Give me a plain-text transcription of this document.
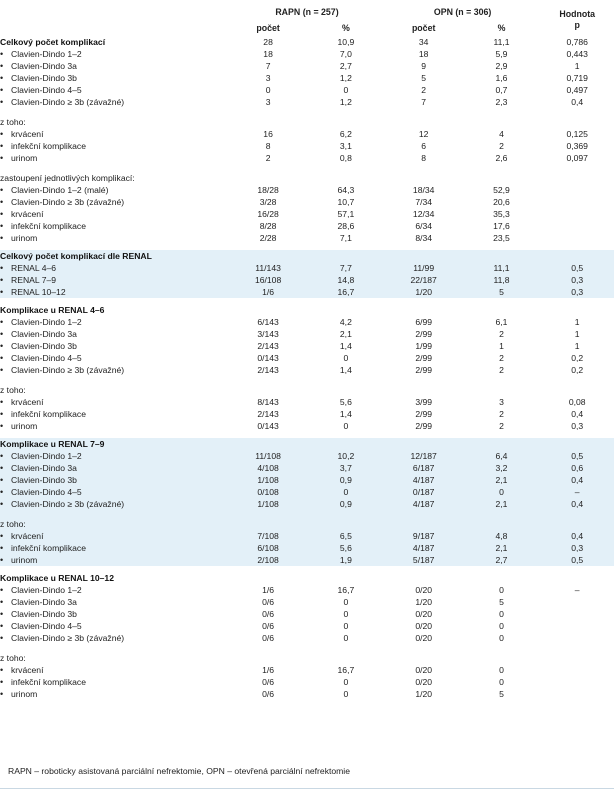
	RAPN (n = 257)		OPN (n = 306)		Hodnota
p
	počet	%	počet	%	
Celkový počet komplikací	28	10,9	34	11,1	0,786
• Clavien-Dindo 1–2	18	7,0	18	5,9	0,443
• Clavien-Dindo 3a	7	2,7	9	2,9	1
• Clavien-Dindo 3b	3	1,2	5	1,6	0,719
• Clavien-Dindo 4–5	0	0	2	0,7	0,497
• Clavien-Dindo ≥ 3b (závažné)	3	1,2	7	2,3	0,4

z toho:					
• krvácení	16	6,2	12	4	0,125
• infekční komplikace	8	3,1	6	2	0,369
• urinom	2	0,8	8	2,6	0,097

zastoupení jednotlivých komplikací:					
• Clavien-Dindo 1–2 (malé)	18/28	64,3	18/34	52,9	
• Clavien-Dindo ≥ 3b (závažné)	3/28	10,7	7/34	20,6	
• krvácení	16/28	57,1	12/34	35,3	
• infekční komplikace	8/28	28,6	6/34	17,6	
• urinom	2/28	7,1	8/34	23,5	

Celkový počet komplikací dle RENAL					
• RENAL 4–6	11/143	7,7	11/99	11,1	0,5
• RENAL 7–9	16/108	14,8	22/187	11,8	0,3
• RENAL 10–12	1/6	16,7	1/20	5	0,3

Komplikace u RENAL 4–6					
• Clavien-Dindo 1–2	6/143	4,2	6/99	6,1	1
• Clavien-Dindo 3a	3/143	2,1	2/99	2	1
• Clavien-Dindo 3b	2/143	1,4	1/99	1	1
• Clavien-Dindo 4–5	0/143	0	2/99	2	0,2
• Clavien-Dindo ≥ 3b (závažné)	2/143	1,4	2/99	2	0,2

z toho:					
• krvácení	8/143	5,6	3/99	3	0,08
• infekční komplikace	2/143	1,4	2/99	2	0,4
• urinom	0/143	0	2/99	2	0,3

Komplikace u RENAL 7–9					
• Clavien-Dindo 1–2	11/108	10,2	12/187	6,4	0,5
• Clavien-Dindo 3a	4/108	3,7	6/187	3,2	0,6
• Clavien-Dindo 3b	1/108	0,9	4/187	2,1	0,4
• Clavien-Dindo 4–5	0/108	0	0/187	0	–
• Clavien-Dindo ≥ 3b (závažné)	1/108	0,9	4/187	2,1	0,4

z toho:					
• krvácení	7/108	6,5	9/187	4,8	0,4
• infekční komplikace	6/108	5,6	4/187	2,1	0,3
• urinom	2/108	1,9	5/187	2,7	0,5

Komplikace u RENAL 10–12					
• Clavien-Dindo 1–2	1/6	16,7	0/20	0	–
• Clavien-Dindo 3a	0/6	0	1/20	5	
• Clavien-Dindo 3b	0/6	0	0/20	0	
• Clavien-Dindo 4–5	0/6	0	0/20	0	
• Clavien-Dindo ≥ 3b (závažné)	0/6	0	0/20	0	

z toho:					
• krvácení	1/6	16,7	0/20	0	
• infekční komplikace	0/6	0	0/20	0	
• urinom	0/6	0	1/20	5	
RAPN – roboticky asistovaná parciální nefrektomie, OPN – otevřená parciální nefrektomie
